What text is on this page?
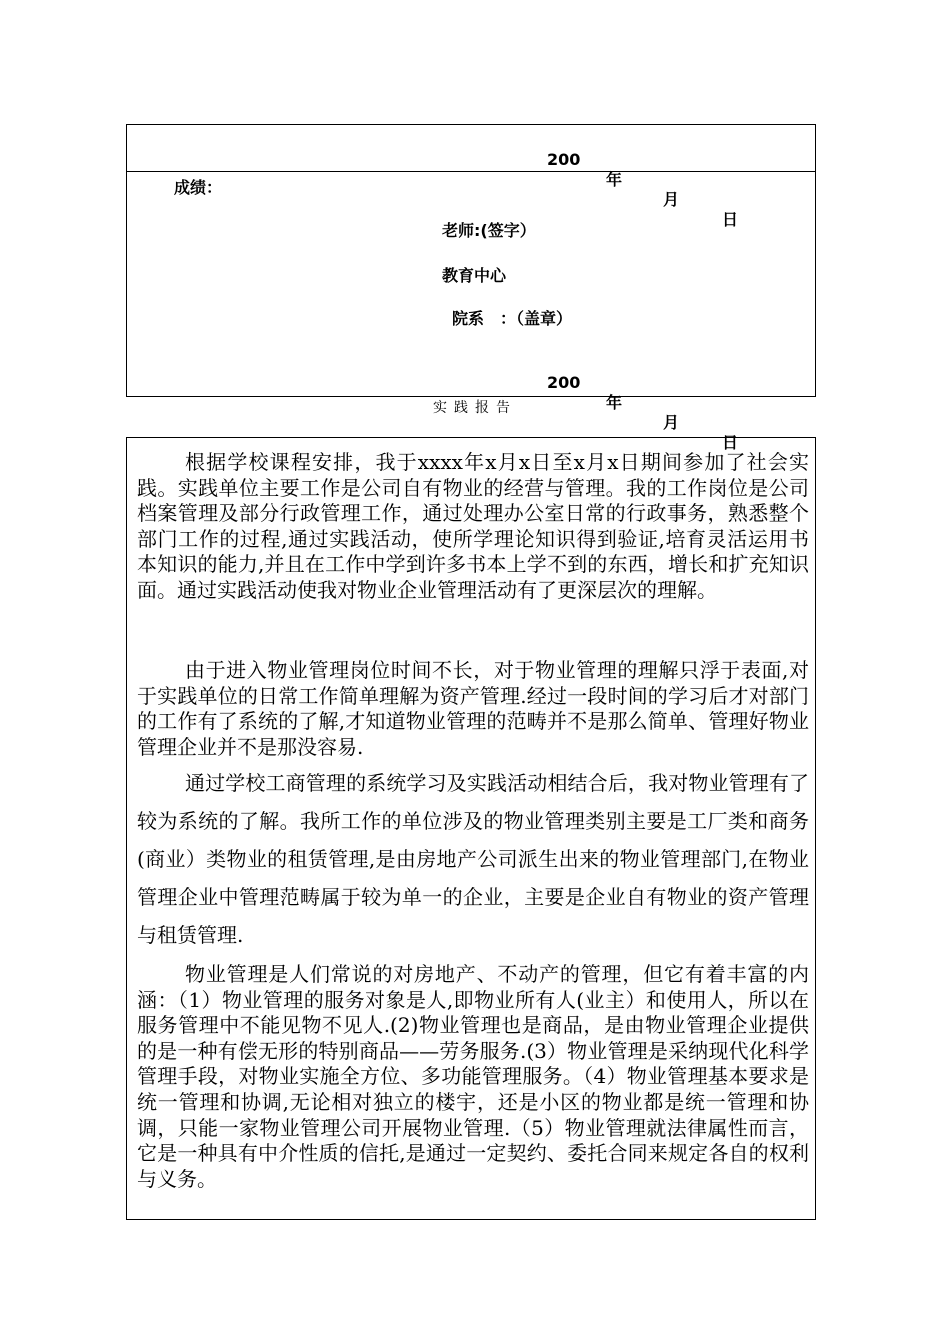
200

年

月

日

成绩：
老师:(签字）
教育中心
院系　：（盖章）

200

年

月

日

实践报告

根据学校课程安排，我于xxxx年x月x日至x月x日期间参加了社会实践。实践单位主要工作是公司自有物业的经营与管理。我的工作岗位是公司档案管理及部分行政管理工作，通过处理办公室日常的行政事务，熟悉整个部门工作的过程,通过实践活动，使所学理论知识得到验证,培育灵活运用书本知识的能力,并且在工作中学到许多书本上学不到的东西，增长和扩充知识面。通过实践活动使我对物业企业管理活动有了更深层次的理解。

由于进入物业管理岗位时间不长，对于物业管理的理解只浮于表面,对于实践单位的日常工作简单理解为资产管理.经过一段时间的学习后才对部门的工作有了系统的了解,才知道物业管理的范畴并不是那么简单、管理好物业管理企业并不是那没容易.

通过学校工商管理的系统学习及实践活动相结合后，我对物业管理有了较为系统的了解。我所工作的单位涉及的物业管理类别主要是工厂类和商务(商业）类物业的租赁管理,是由房地产公司派生出来的物业管理部门,在物业管理企业中管理范畴属于较为单一的企业，主要是企业自有物业的资产管理与租赁管理.

物业管理是人们常说的对房地产、不动产的管理，但它有着丰富的内涵：（1）物业管理的服务对象是人,即物业所有人(业主）和使用人，所以在服务管理中不能见物不见人.(2)物业管理也是商品，是由物业管理企业提供的是一种有偿无形的特别商品——劳务服务.(3）物业管理是采纳现代化科学管理手段，对物业实施全方位、多功能管理服务。（4）物业管理基本要求是统一管理和协调,无论相对独立的楼宇，还是小区的物业都是统一管理和协调，只能一家物业管理公司开展物业管理.（5）物业管理就法律属性而言，它是一种具有中介性质的信托,是通过一定契约、委托合同来规定各自的权利与义务。
